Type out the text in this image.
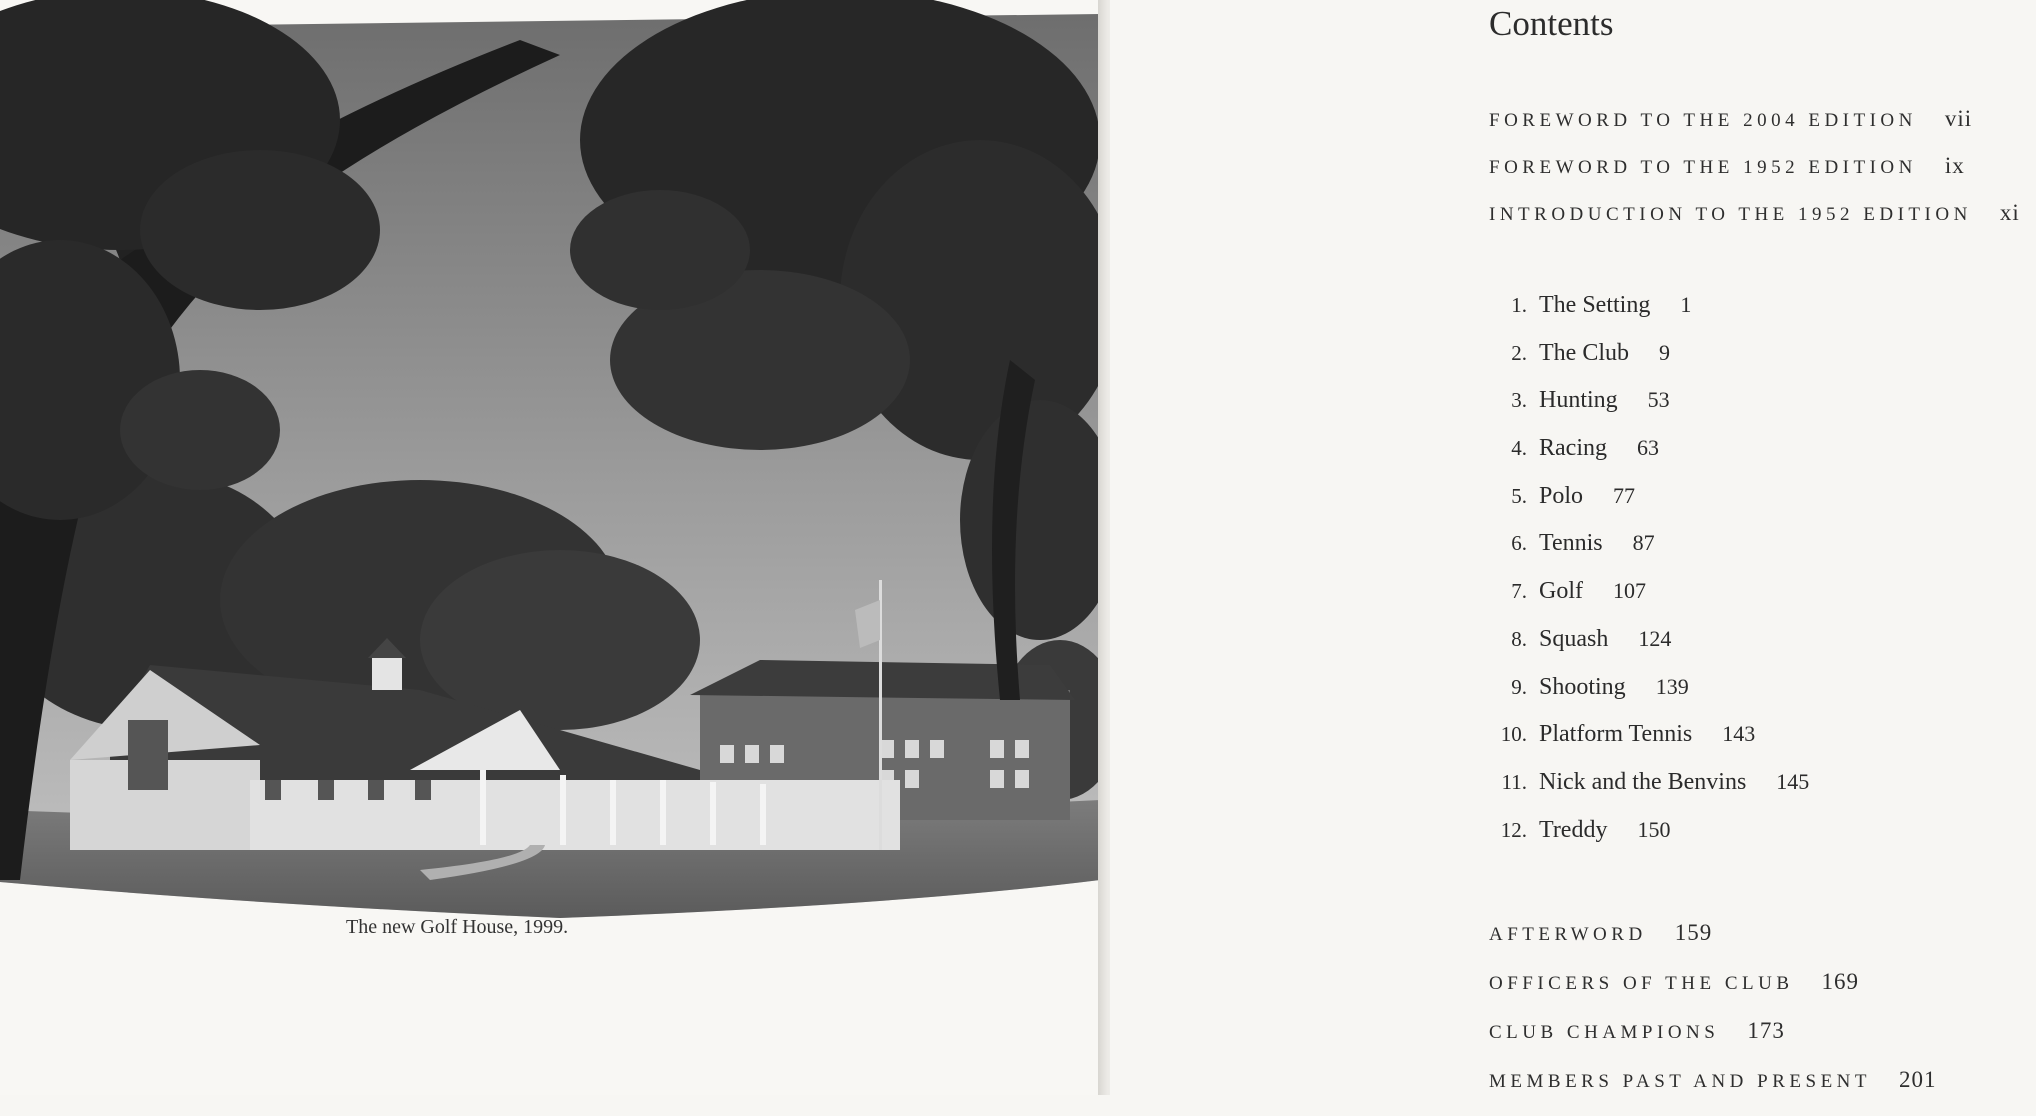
The new Golf House, 1999.
Contents
FOREWORD TO THE 2004 EDITION vii
FOREWORD TO THE 1952 EDITION ix
INTRODUCTION TO THE 1952 EDITION xi
1. The Setting 1
2. The Club 9
3. Hunting 53
4. Racing 63
5. Polo 77
6. Tennis 87
7. Golf 107
8. Squash 124
9. Shooting 139
10. Platform Tennis 143
11. Nick and the Benvins 145
12. Treddy 150
AFTERWORD 159
OFFICERS OF THE CLUB 169
CLUB CHAMPIONS 173
MEMBERS PAST AND PRESENT 201
